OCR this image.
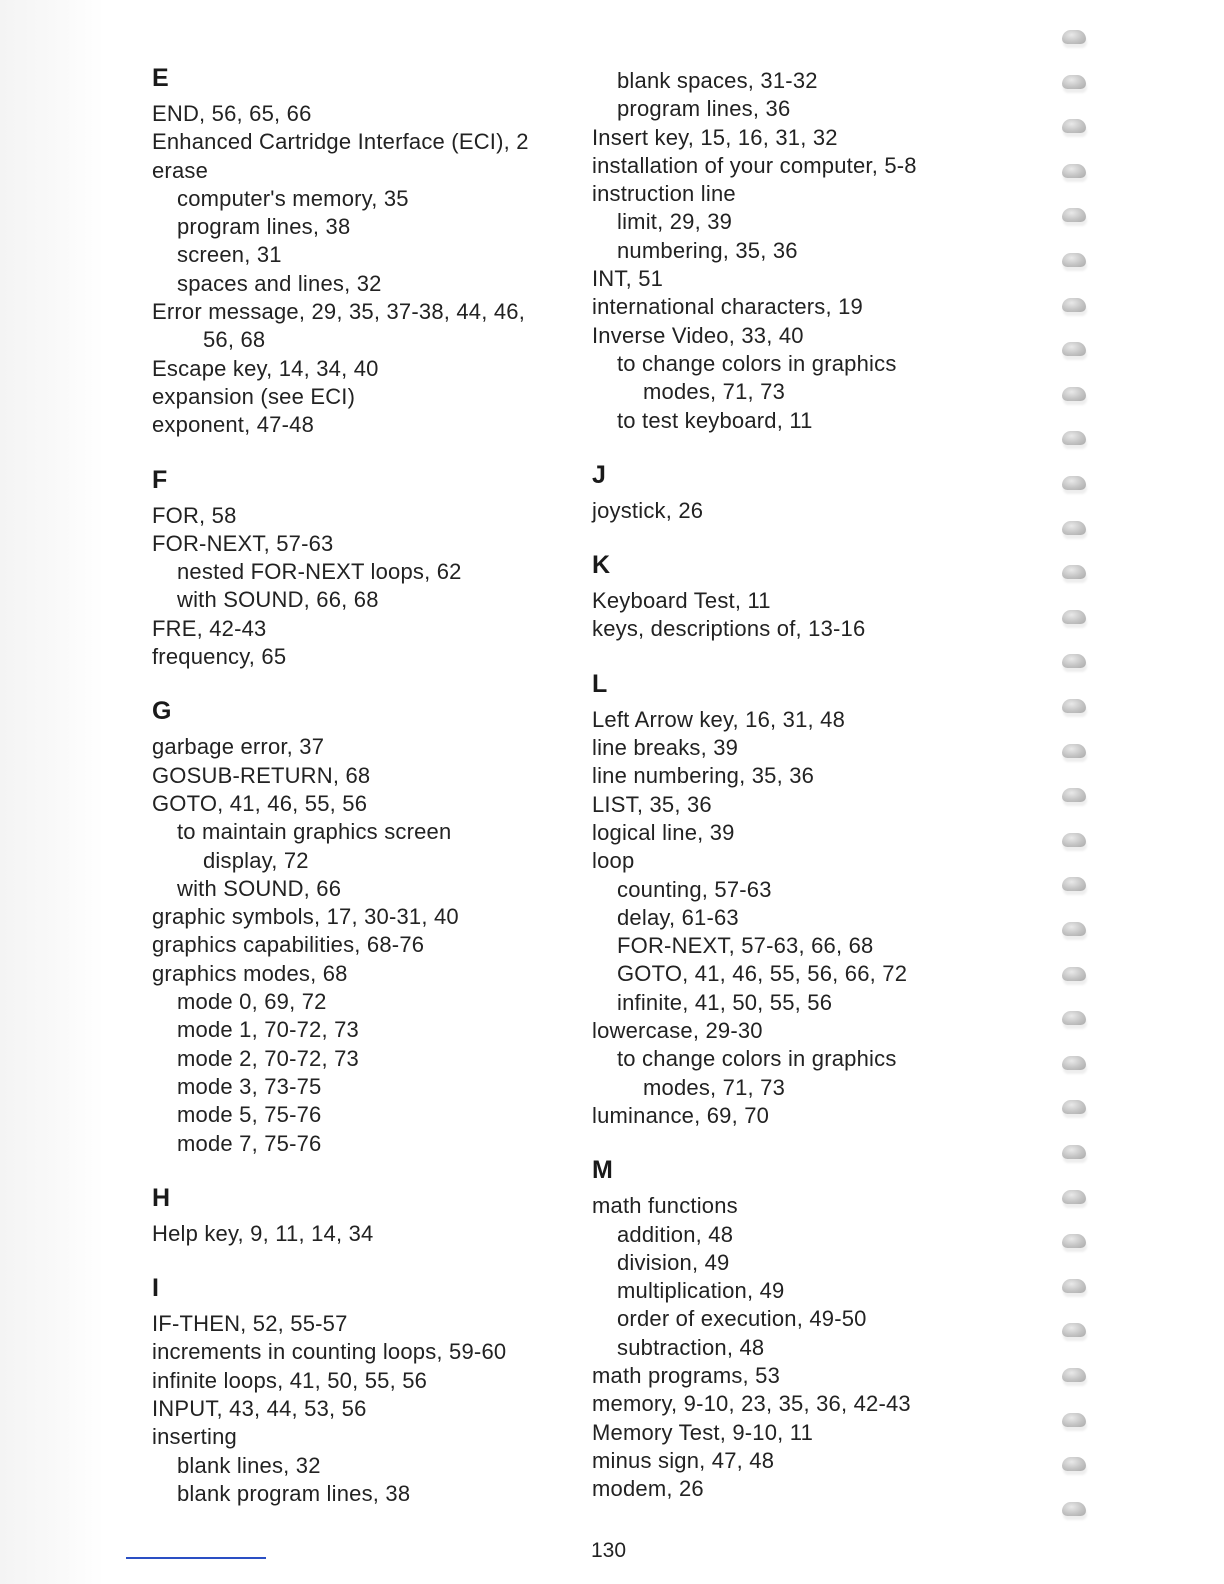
E
END, 56, 65, 66
Enhanced Cartridge Interface (ECI), 2
erase
computer's memory, 35
program lines, 38
screen, 31
spaces and lines, 32
Error message, 29, 35, 37-38, 44, 46,
56, 68
Escape key, 14, 34, 40
expansion (see ECI)
exponent, 47-48
F
FOR, 58
FOR-NEXT, 57-63
nested FOR-NEXT loops, 62
with SOUND, 66, 68
FRE, 42-43
frequency, 65
G
garbage error, 37
GOSUB-RETURN, 68
GOTO, 41, 46, 55, 56
to maintain graphics screen
display, 72
with SOUND, 66
graphic symbols, 17, 30-31, 40
graphics capabilities, 68-76
graphics modes, 68
mode 0, 69, 72
mode 1, 70-72, 73
mode 2, 70-72, 73
mode 3, 73-75
mode 5, 75-76
mode 7, 75-76
H
Help key, 9, 11, 14, 34
I
IF-THEN, 52, 55-57
increments in counting loops, 59-60
infinite loops, 41, 50, 55, 56
INPUT, 43, 44, 53, 56
inserting
blank lines, 32
blank program lines, 38
blank spaces, 31-32
program lines, 36
Insert key, 15, 16, 31, 32
installation of your computer, 5-8
instruction line
limit, 29, 39
numbering, 35, 36
INT, 51
international characters, 19
Inverse Video, 33, 40
to change colors in graphics
modes, 71, 73
to test keyboard, 11
J
joystick, 26
K
Keyboard Test, 11
keys, descriptions of, 13-16
L
Left Arrow key, 16, 31, 48
line breaks, 39
line numbering, 35, 36
LIST, 35, 36
logical line, 39
loop
counting, 57-63
delay, 61-63
FOR-NEXT, 57-63, 66, 68
GOTO, 41, 46, 55, 56, 66, 72
infinite, 41, 50, 55, 56
lowercase, 29-30
to change colors in graphics
modes, 71, 73
luminance, 69, 70
M
math functions
addition, 48
division, 49
multiplication, 49
order of execution, 49-50
subtraction, 48
math programs, 53
memory, 9-10, 23, 35, 36, 42-43
Memory Test, 9-10, 11
minus sign, 47, 48
modem, 26
130
